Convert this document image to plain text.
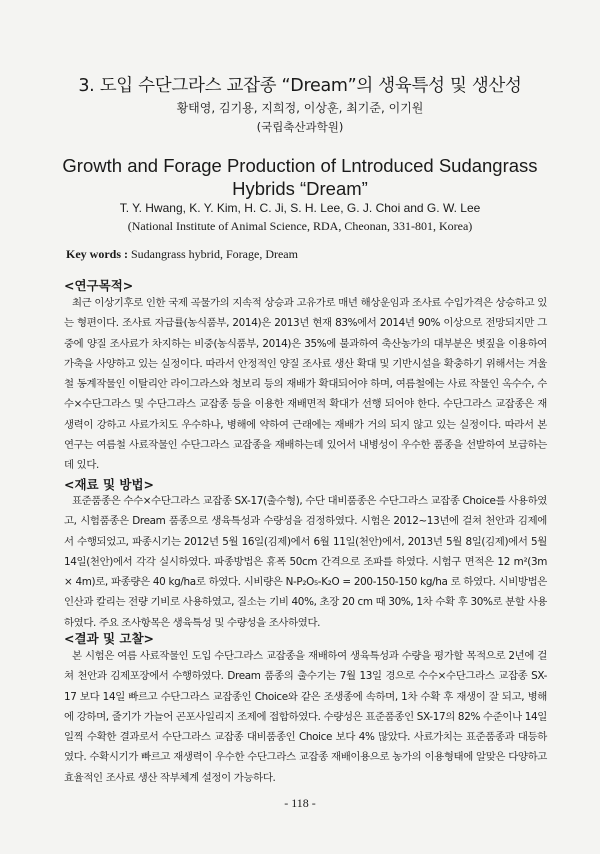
3. 도입 수단그라스 교잡종 “Dream”의 생육특성 및 생산성
황태영, 김기용, 지희정, 이상훈, 최기준, 이기원
(국립축산과학원)
Growth and Forage Production of Lntroduced Sudangrass Hybrids “Dream”
T. Y. Hwang, K. Y. Kim, H. C. Ji, S. H. Lee, G. J. Choi and G. W. Lee
(National Institute of Animal Science, RDA, Cheonan, 331-801, Korea)
Key words : Sudangrass hybrid, Forage, Dream
<연구목적>
최근 이상기후로 인한 국제 곡물가의 지속적 상승과 고유가로 매년 해상운임과 조사료 수입가격은 상승하고 있는 형편이다. 조사료 자급률(농식품부, 2014)은 2013년 현재 83%에서 2014년 90% 이상으로 전망되지만 그중에 양질 조사료가 차지하는 비중(농식품부, 2014)은 35%에 불과하여 축산농가의 대부분은 볏짚을 이용하여 가축을 사양하고 있는 실정이다. 따라서 안정적인 양질 조사료 생산 확대 및 기반시설을 확충하기 위해서는 겨울철 동계작물인 이탈리안 라이그라스와 청보리 등의 재배가 확대되어야 하며, 여름철에는 사료 작물인 옥수수, 수수×수단그라스 및 수단그라스 교잡종 등을 이용한 재배면적 확대가 선행 되어야 한다. 수단그라스 교잡종은 재생력이 강하고 사료가치도 우수하나, 병해에 약하여 근래에는 재배가 거의 되지 않고 있는 실정이다. 따라서 본 연구는 여름철 사료작물인 수단그라스 교잡종을 재배하는데 있어서 내병성이 우수한 품종을 선발하여 보급하는데 있다.
<재료 및 방법>
표준품종은 수수×수단그라스 교잡종 SX-17(출수형), 수단 대비품종은 수단그라스 교잡종 Choice를 사용하였고, 시험품종은 Dream 품종으로 생육특성과 수량성을 검정하였다. 시험은 2012~13년에 걸쳐 천안과 김제에서 수행되었고, 파종시기는 2012년 5월 16일(김제)에서 6월 11일(천안)에서, 2013년 5월 8일(김제)에서 5월 14일(천안)에서 각각 실시하였다. 파종방법은 휴폭 50cm 간격으로 조파를 하였다. 시험구 면적은 12 m²(3m × 4m)로, 파종량은 40 kg/ha로 하였다. 시비량은 N-P₂O₅-K₂O = 200-150-150 kg/ha 로 하였다. 시비방법은 인산과 칼리는 전량 기비로 사용하였고, 질소는 기비 40%, 초장 20 cm 때 30%, 1차 수확 후 30%로 분할 사용하였다. 주요 조사항목은 생육특성 및 수량성을 조사하였다.
<결과 및 고찰>
본 시험은 여름 사료작물인 도입 수단그라스 교잡종을 재배하여 생육특성과 수량을 평가할 목적으로 2년에 걸쳐 천안과 김제포장에서 수행하였다. Dream 품종의 출수기는 7월 13일 경으로 수수×수단그라스 교잡종 SX-17 보다 14일 빠르고 수단그라스 교잡종인 Choice와 같은 조생종에 속하며, 1차 수확 후 재생이 잘 되고, 병해에 강하며, 줄기가 가늘어 곤포사일리지 조제에 접합하였다. 수량성은 표준품종인 SX-17의 82% 수준이나 14일 일찍 수확한 결과로서 수단그라스 교잡종 대비품종인 Choice 보다 4% 많았다. 사료가치는 표준품종과 대등하였다. 수확시기가 빠르고 재생력이 우수한 수단그라스 교잡종 재배이용으로 농가의 이용형태에 알맞은 다양하고 효율적인 조사료 생산 작부체계 설정이 가능하다.
- 118 -
